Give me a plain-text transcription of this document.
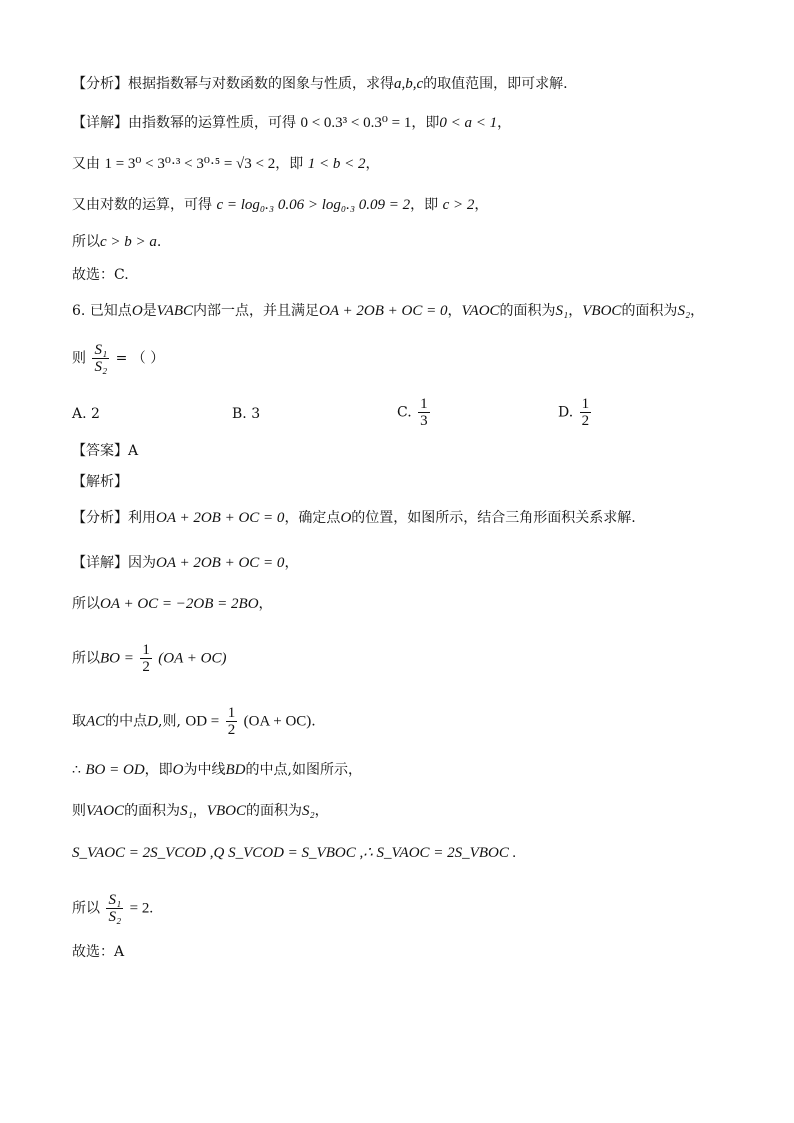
【分析】根据指数幂与对数函数的图象与性质，求得a,b,c的取值范围，即可求解.
【详解】由指数幂的运算性质，可得 0 < 0.3³ < 0.3⁰ = 1，即0 < a < 1，
又由 1 = 3⁰ < 3⁰·³ < 3⁰·⁵ = √3 < 2，即 1 < b < 2，
又由对数的运算，可得 c = log₀.₃ 0.06 > log₀.₃ 0.09 = 2，即 c > 2，
所以c > b > a.
故选：C.
6. 已知点O是VABC内部一点，并且满足OA + 2OB + OC = 0，VAOC的面积为S₁，VBOC的面积为S₂，
则 $\frac{\text{S₁}}{\text{S₂}}$ = （ ）
A. 2	B. 3	C. $\frac{1}{3}$	D. $\frac{1}{2}$
【答案】A
【解析】
【分析】利用OA + 2OB + OC = 0，确定点O的位置，如图所示，结合三角形面积关系求解.
【详解】因为OA + 2OB + OC = 0，
所以OA + OC = −2OB = 2BO，
所以BO = $\frac{1}{2} (OA + OC)$
取AC的中点D,则, OD = $\frac{1}{2} (OA + OC)$.
∴ BO = OD，即O为中线BD的中点,如图所示，
则VAOC的面积为S₁，VBOC的面积为S₂，
S_VAOC = 2S_VCOD ,Q S_VCOD = S_VBOC ,∴ S_VAOC = 2S_VBOC .
所以 $\frac{\text{S₁}}{\text{S₂}} = 2$.
故选：A
